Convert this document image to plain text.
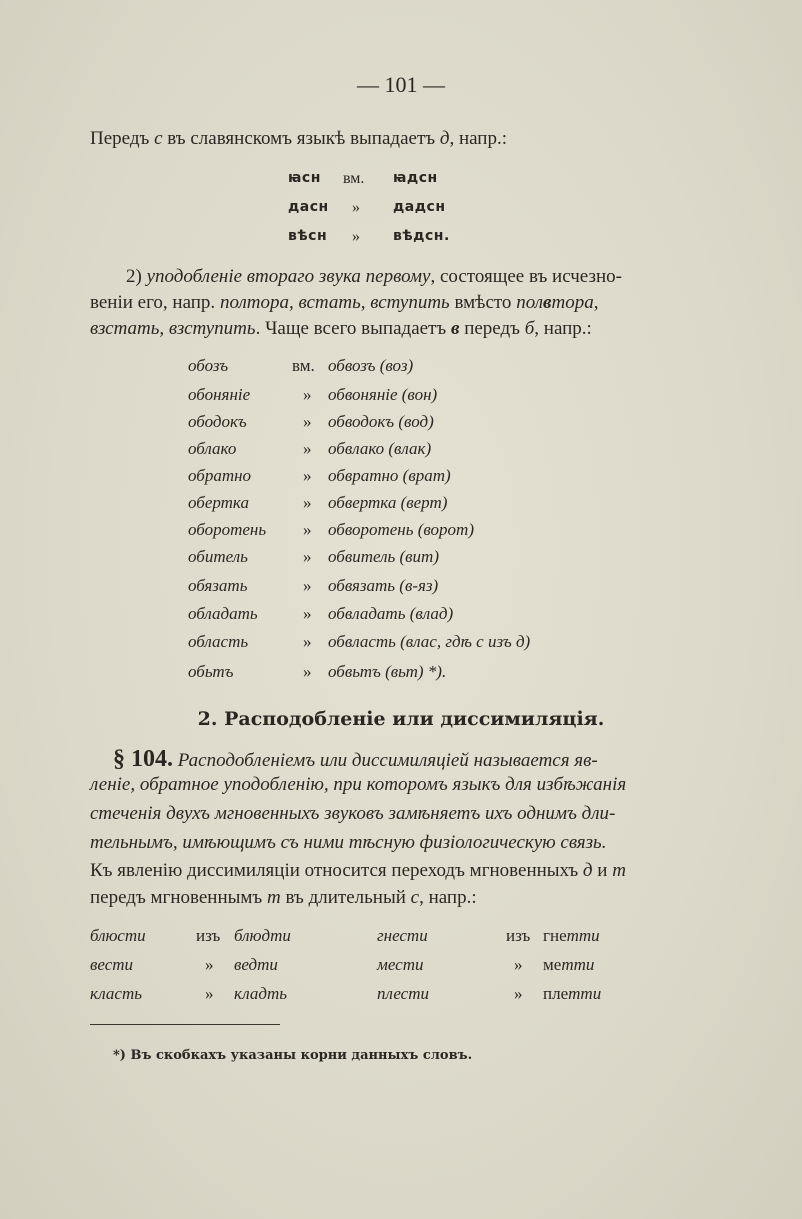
— 101 —
Передъ с въ славянскомъ языкѣ выпадаетъ д, напр.:
ꙗсн вм. ꙗдсн
дасн » дадсн
вѣсн » вѣдсн.
2) уподобленіе втораго звука первому, состоящее въ исчезно-
веніи его, напр. полтора, встать, вступить вмѣсто полвтора,
взстать, взступить. Чаще всего выпадаетъ в передъ б, напр.:
обозъ	вм. обвозъ (воз)
обоняніе	» обвоняніе (вон)
ободокъ	» обводокъ (вод)
облако	» обвлако (влак)
обратно	» обвратно (врат)
обертка	» обвертка (верт)
оборотень » обворотень (ворот)
обитель	» обвитель (вит)
обязать	» обвязать (в-яз)
обладать	» обвладать (влад)
область	» обвласть (влас, гдѣ с изъ д)
обьтъ	» обвьтъ (вьт) *).
2. Расподобленіе или диссимиляція.
§ 104. Расподобленіемъ или диссимиляціей называется яв-
леніе, обратное уподобленію, при которомъ языкъ для избѣжанія
стеченія двухъ мгновенныхъ звуковъ замѣняетъ ихъ однимъ дли-
тельнымъ, имѣющимъ съ ними тѣсную физіологическую связь.
Къ явленію диссимиляціи относится переходъ мгновенныхъ д и т
передъ мгновеннымъ т въ длительный с, напр.:
блюсти	изъ блюдти
вести	» ведти
класть	» кладть
гнести	изъ гнетти
мести	» метти
плести	» плетти
*) Въ скобкахъ указаны корни данныхъ словъ.
